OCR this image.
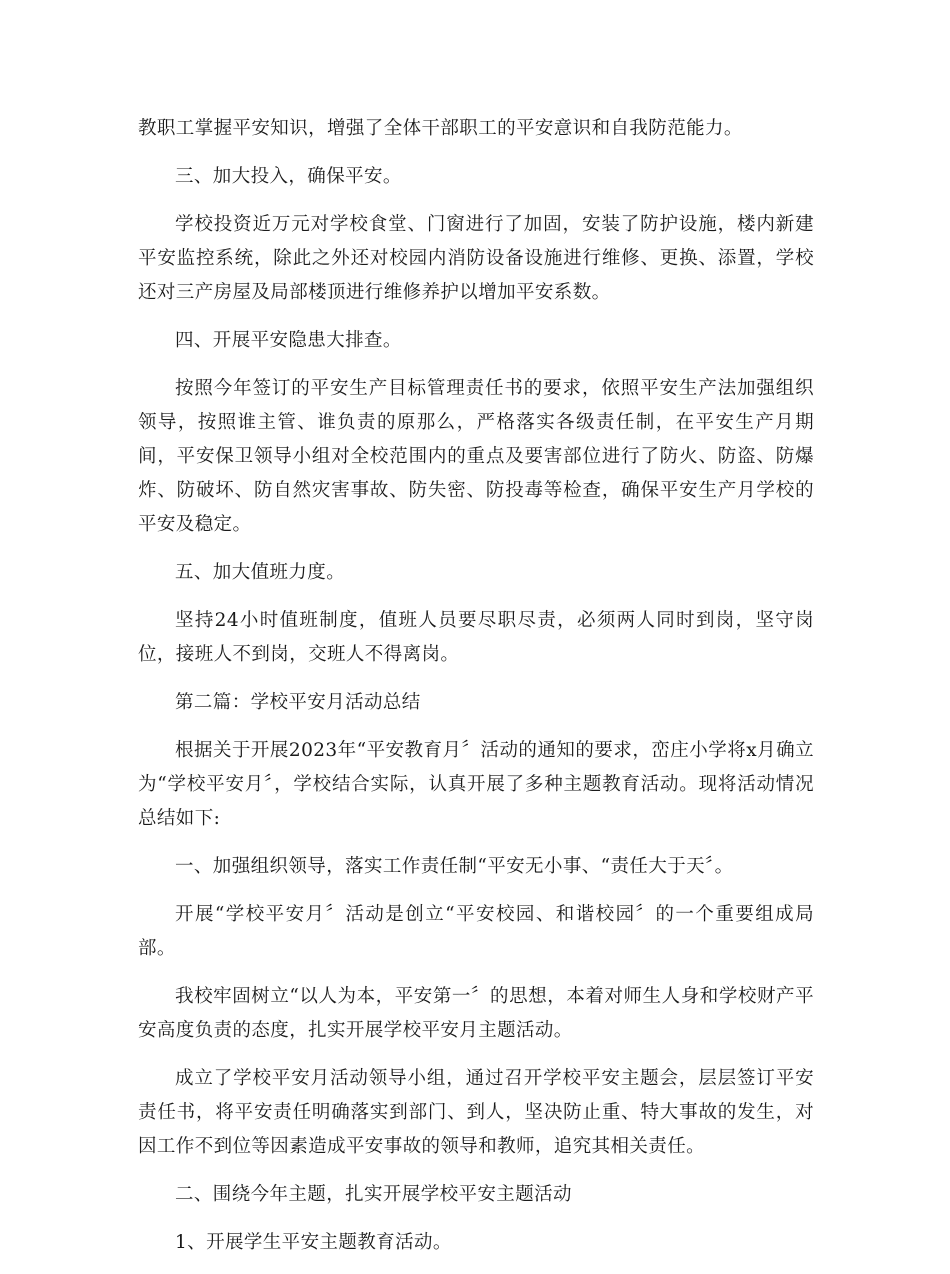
教职工掌握平安知识，增强了全体干部职工的平安意识和自我防范能力。

三、加大投入，确保平安。

学校投资近万元对学校食堂、门窗进行了加固，安装了防护设施，楼内新建平安监控系统，除此之外还对校园内消防设备设施进行维修、更换、添置，学校还对三产房屋及局部楼顶进行维修养护以增加平安系数。

四、开展平安隐患大排查。

按照今年签订的平安生产目标管理责任书的要求，依照平安生产法加强组织领导，按照谁主管、谁负责的原那么，严格落实各级责任制，在平安生产月期间，平安保卫领导小组对全校范围内的重点及要害部位进行了防火、防盗、防爆炸、防破坏、防自然灾害事故、防失密、防投毒等检查，确保平安生产月学校的平安及稳定。

五、加大值班力度。

坚持24小时值班制度，值班人员要尽职尽责，必须两人同时到岗，坚守岗位，接班人不到岗，交班人不得离岗。

第二篇：学校平安月活动总结

根据关于开展2023年“平安教育月〞活动的通知的要求，峦庄小学将x月确立为“学校平安月〞，学校结合实际，认真开展了多种主题教育活动。现将活动情况总结如下:

一、加强组织领导，落实工作责任制“平安无小事、“责任大于天〞。

开展“学校平安月〞活动是创立“平安校园、和谐校园〞的一个重要组成局部。

我校牢固树立“以人为本，平安第一〞的思想，本着对师生人身和学校财产平安高度负责的态度，扎实开展学校平安月主题活动。

成立了学校平安月活动领导小组，通过召开学校平安主题会，层层签订平安责任书，将平安责任明确落实到部门、到人，坚决防止重、特大事故的发生，对因工作不到位等因素造成平安事故的领导和教师，追究其相关责任。

二、围绕今年主题，扎实开展学校平安主题活动

1、开展学生平安主题教育活动。
